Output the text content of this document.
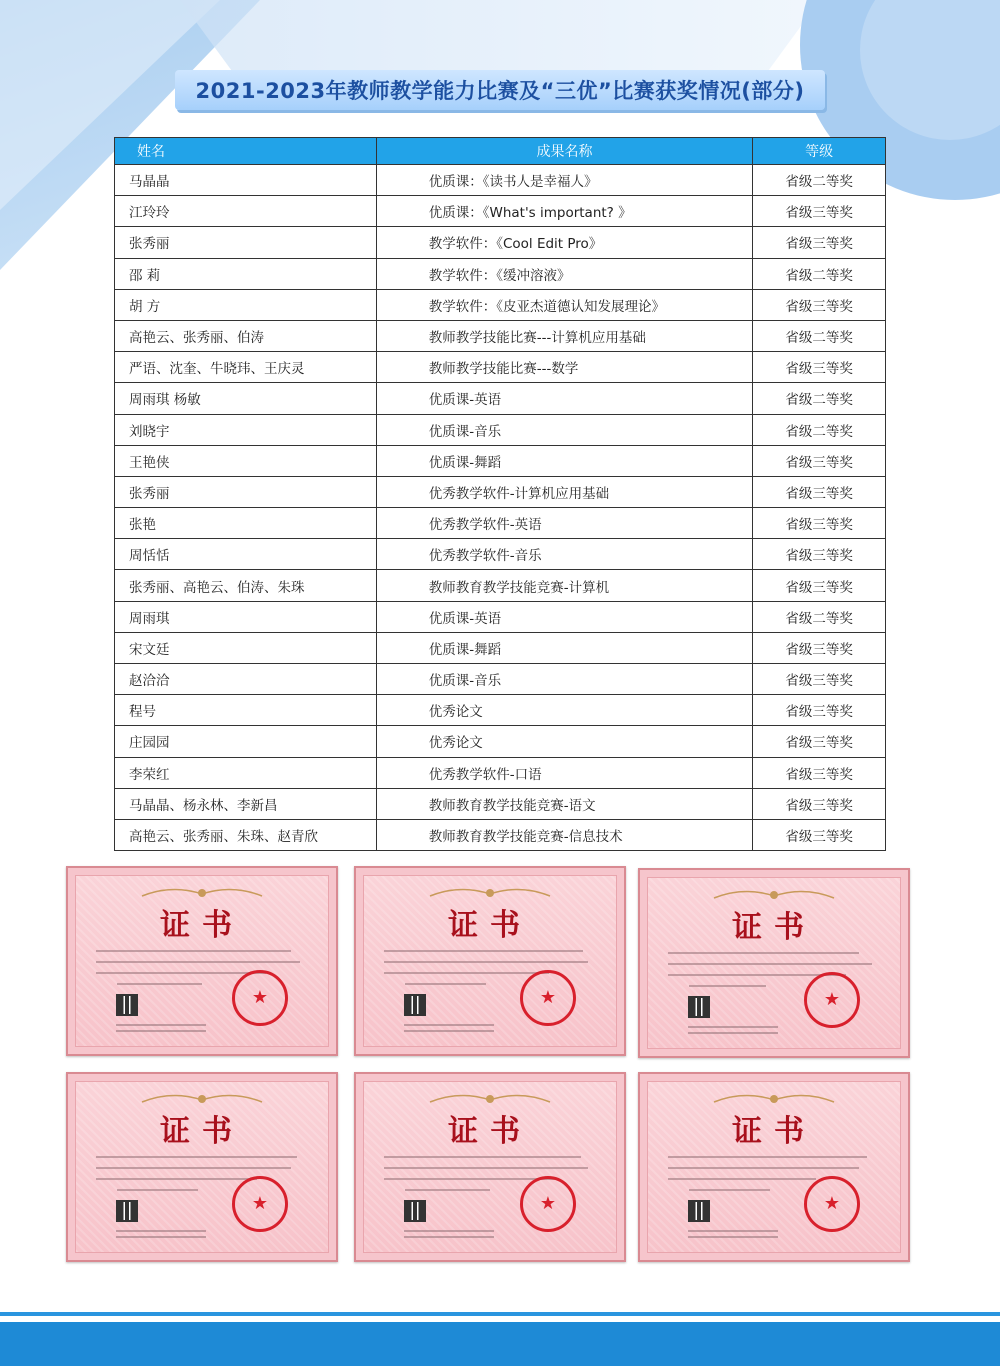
2021-2023年教师教学能力比赛及“三优”比赛获奖情况(部分)
姓名	成果名称	等级
马晶晶	优质课：《读书人是幸福人》	省级二等奖
江玲玲	优质课：《What's important? 》	省级三等奖
张秀丽	教学软件：《Cool Edit Pro》	省级三等奖
邵 莉	教学软件：《缓冲溶液》	省级二等奖
胡 方	教学软件：《皮亚杰道德认知发展理论》	省级三等奖
高艳云、张秀丽、伯涛	教师教学技能比赛---计算机应用基础	省级二等奖
严语、沈奎、牛晓玮、王庆灵	教师教学技能比赛---数学	省级三等奖
周雨琪 杨敏	优质课-英语	省级二等奖
刘晓宇	优质课-音乐	省级二等奖
王艳侠	优质课-舞蹈	省级三等奖
张秀丽	优秀教学软件-计算机应用基础	省级三等奖
张艳	优秀教学软件-英语	省级三等奖
周恬恬	优秀教学软件-音乐	省级三等奖
张秀丽、高艳云、伯涛、朱珠	教师教育教学技能竞赛-计算机	省级三等奖
周雨琪	优质课-英语	省级二等奖
宋文廷	优质课-舞蹈	省级三等奖
赵洽洽	优质课-音乐	省级三等奖
程号	优秀论文	省级三等奖
庄园园	优秀论文	省级三等奖
李荣红	优秀教学软件-口语	省级三等奖
马晶晶、杨永林、李新昌	教师教育教学技能竞赛-语文	省级三等奖
高艳云、张秀丽、朱珠、赵青欣	教师教育教学技能竞赛-信息技术	省级三等奖
证书
★
证书
★
证书
★
证书
★
证书
★
证书
★
